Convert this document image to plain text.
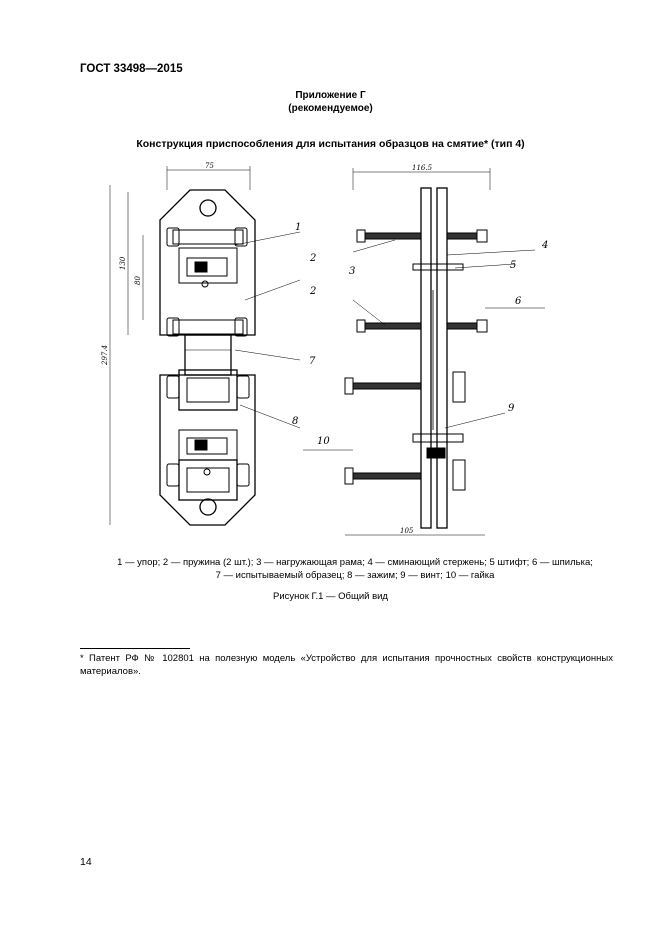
ГОСТ 33498—2015
Приложение Г
(рекомендуемое)
Конструкция приспособления для испытания образцов на смятие* (тип 4)
75
297.4
130
80
116.5
105
1
2
3
2
4
5
6
7
8
9
10
1 — упор; 2 — пружина (2 шт.); 3 — нагружающая рама; 4 — сминающий стержень; 5 штифт; 6 — шпилька;
7 — испытываемый образец; 8 — зажим; 9 — винт; 10 — гайка
Рисунок Г.1 — Общий вид
* Патент РФ № 102801 на полезную модель «Устройство для испытания прочностных свойств конструкционных материалов».
14
